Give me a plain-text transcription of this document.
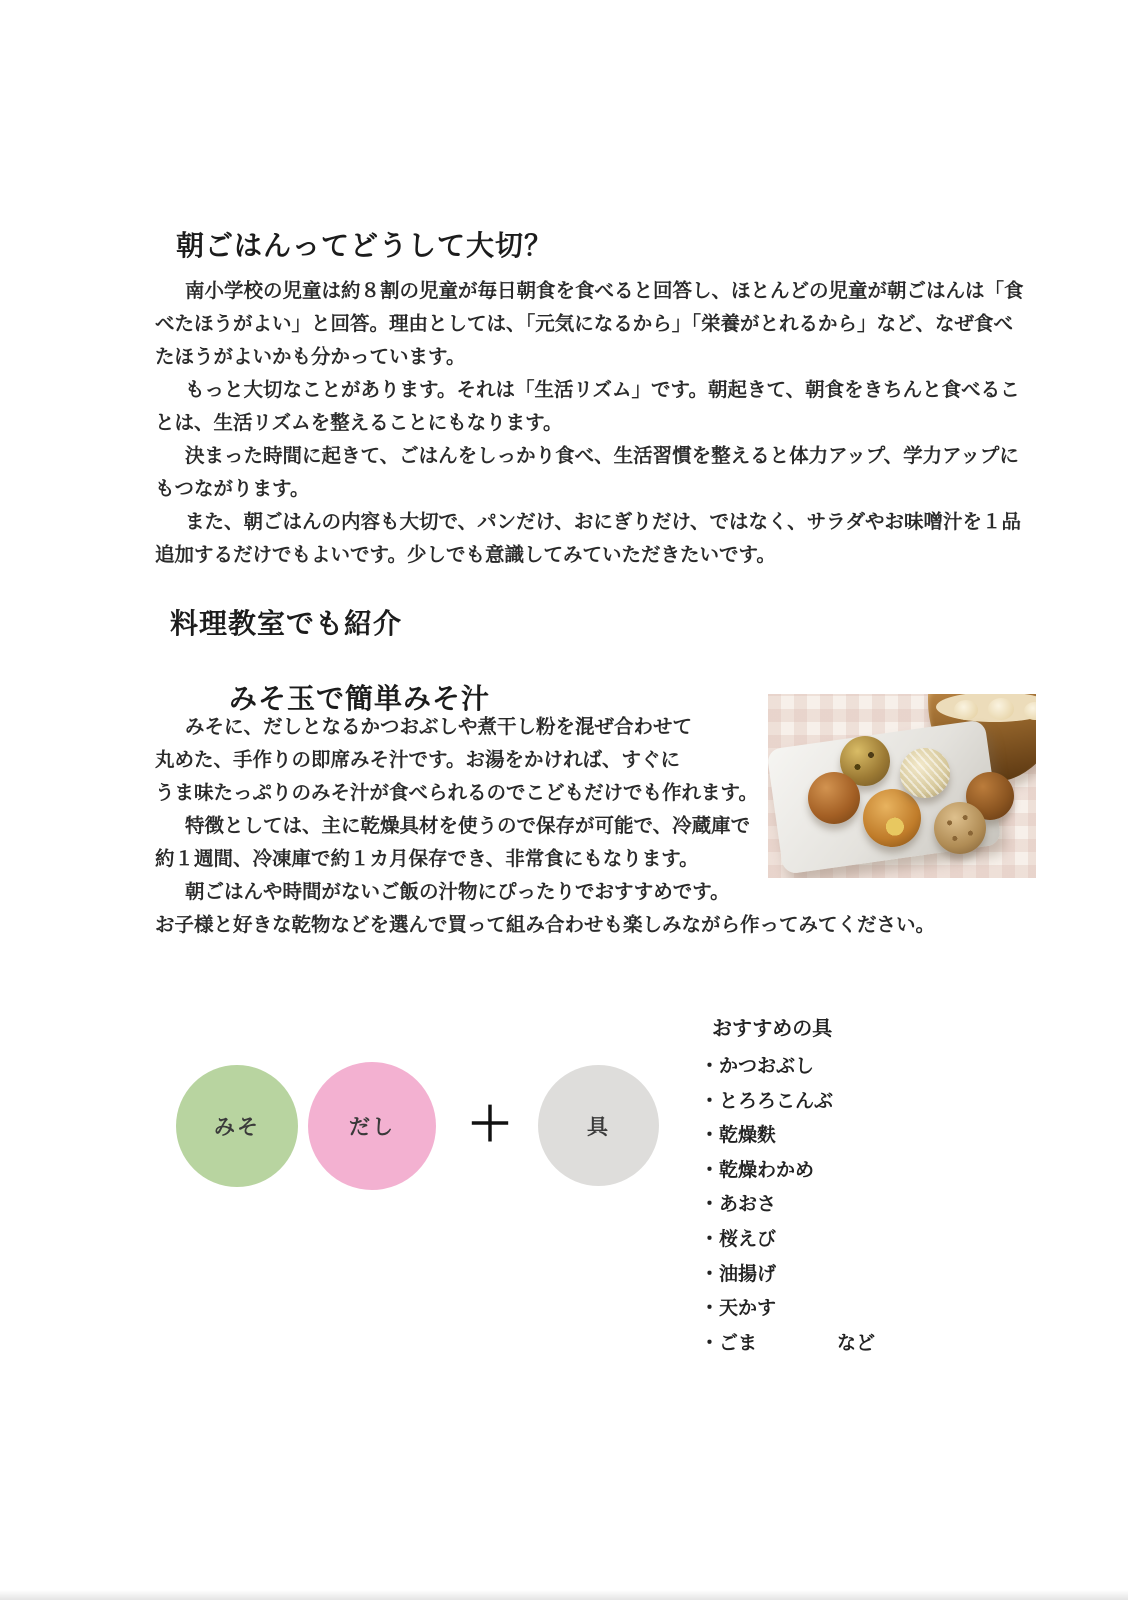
朝ごはんってどうして大切？

南小学校の児童は約８割の児童が毎日朝食を食べると回答し、ほとんどの児童が朝ごはんは「食
べたほうがよい」と回答。理由としては、「元気になるから」「栄養がとれるから」など、なぜ食べ
たほうがよいかも分かっています。

もっと大切なことがあります。それは「生活リズム」です。朝起きて、朝食をきちんと食べるこ
とは、生活リズムを整えることにもなります。

決まった時間に起きて、ごはんをしっかり食べ、生活習慣を整えると体力アップ、学力アップに
もつながります。

また、朝ごはんの内容も大切で、パンだけ、おにぎりだけ、ではなく、サラダやお味噌汁を１品
追加するだけでもよいです。少しでも意識してみていただきたいです。

料理教室でも紹介
みそ玉で簡単みそ汁

みそに、だしとなるかつおぶしや煮干し粉を混ぜ合わせて
丸めた、手作りの即席みそ汁です。お湯をかければ、すぐに
うま味たっぷりのみそ汁が食べられるのでこどもだけでも作れます。

特徴としては、主に乾燥具材を使うので保存が可能で、冷蔵庫で
約１週間、冷凍庫で約１カ月保存でき、非常食にもなります。

朝ごはんや時間がないご飯の汁物にぴったりでおすすめです。

お子様と好きな乾物などを選んで買って組み合わせも楽しみながら作ってみてください。

みそ	だし ＋	具
おすすめの具
・かつおぶし
・とろろこんぶ
・乾燥麩
・乾燥わかめ
・あおさ
・桜えび
・油揚げ
・天かす
・ごま	など
